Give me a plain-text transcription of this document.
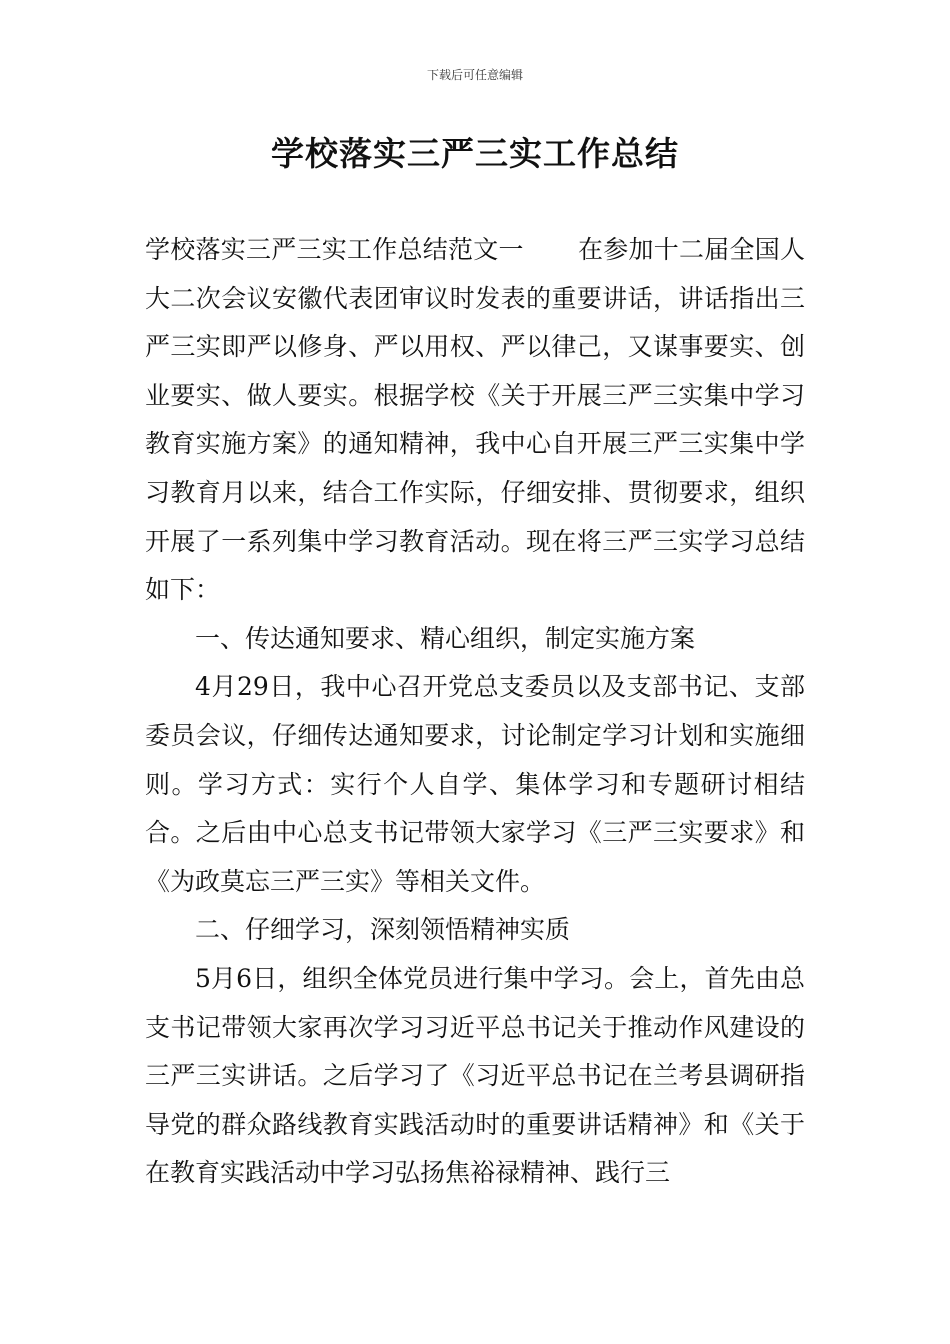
下载后可任意编辑
学校落实三严三实工作总结

学校落实三严三实工作总结范文一 在参加十二届全国人大二次会议安徽代表团审议时发表的重要讲话，讲话指出三严三实即严以修身、严以用权、严以律己，又谋事要实、创业要实、做人要实。根据学校《关于开展三严三实集中学习教育实施方案》的通知精神，我中心自开展三严三实集中学习教育月以来，结合工作实际，仔细安排、贯彻要求，组织开展了一系列集中学习教育活动。现在将三严三实学习总结如下：

一、传达通知要求、精心组织，制定实施方案

4月29日，我中心召开党总支委员以及支部书记、支部委员会议，仔细传达通知要求，讨论制定学习计划和实施细则。学习方式：实行个人自学、集体学习和专题研讨相结合。之后由中心总支书记带领大家学习《三严三实要求》和《为政莫忘三严三实》等相关文件。

二、仔细学习，深刻领悟精神实质

5月6日，组织全体党员进行集中学习。会上，首先由总支书记带领大家再次学习习近平总书记关于推动作风建设的三严三实讲话。之后学习了《习近平总书记在兰考县调研指导党的群众路线教育实践活动时的重要讲话精神》和《关于在教育实践活动中学习弘扬焦裕禄精神、践行三
